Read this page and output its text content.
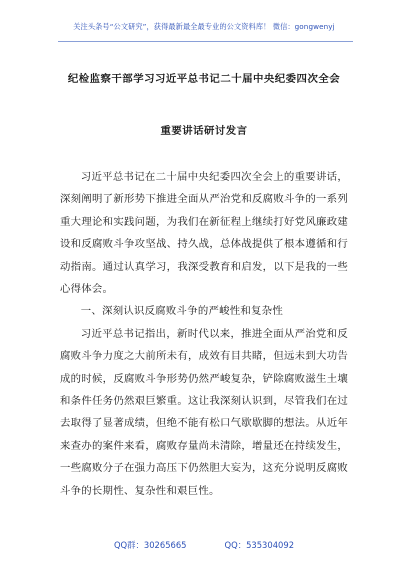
关注头条号“公文研究”，获得最新最全最专业的公文资料库！ 微信：gongwenyj
纪检监察干部学习习近平总书记二十届中央纪委四次全会
重要讲话研讨发言

习近平总书记在二十届中央纪委四次全会上的重要讲话，深刻阐明了新形势下推进全面从严治党和反腐败斗争的一系列重大理论和实践问题，为我们在新征程上继续打好党风廉政建设和反腐败斗争攻坚战、持久战，总体战提供了根本遵循和行动指南。通过认真学习，我深受教育和启发，以下是我的一些心得体会。

一、深刻认识反腐败斗争的严峻性和复杂性

习近平总书记指出，新时代以来，推进全面从严治党和反腐败斗争力度之大前所未有，成效有目共睹，但远未到大功告成的时候，反腐败斗争形势仍然严峻复杂，铲除腐败滋生土壤和条件任务仍然艰巨繁重。这让我深刻认识到，尽管我们在过去取得了显著成绩，但绝不能有松口气歇歇脚的想法。从近年来查办的案件来看，腐败存量尚未清除，增量还在持续发生，一些腐败分子在强力高压下仍然胆大妄为，这充分说明反腐败斗争的长期性、复杂性和艰巨性。

QQ群：30265665	QQ：535304092
